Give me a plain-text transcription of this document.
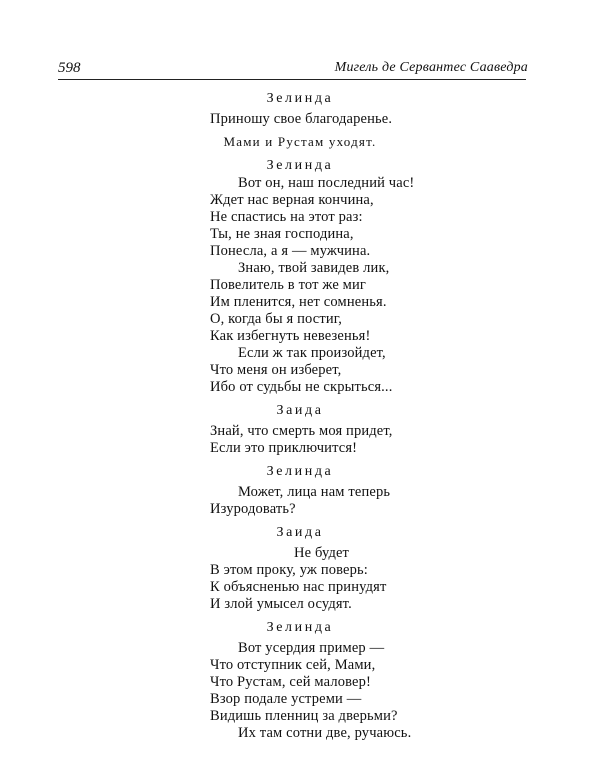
598	Мигель де Сервантес Сааведра
Зелинда
Приношу свое благодаренье.
Мами и Рустам уходят.
Зелинда
Вот он, наш последний час!
Ждет нас верная кончина,
Не спастись на этот раз:
Ты, не зная господина,
Понесла, а я — мужчина.
Знаю, твой завидев лик,
Повелитель в тот же миг
Им пленится, нет сомненья.
О, когда бы я постиг,
Как избегнуть невезенья!
Если ж так произойдет,
Что меня он изберет,
Ибо от судьбы не скрыться...
Заида
Знай, что смерть моя придет,
Если это приключится!
Зелинда
Может, лица нам теперь
Изуродовать?
Заида
Не будет
В этом проку, уж поверь:
К объясненью нас принудят
И злой умысел осудят.
Зелинда
Вот усердия пример —
Что отступник сей, Мами,
Что Рустам, сей маловер!
Взор подале устреми —
Видишь пленниц за дверьми?
Их там сотни две, ручаюсь.
